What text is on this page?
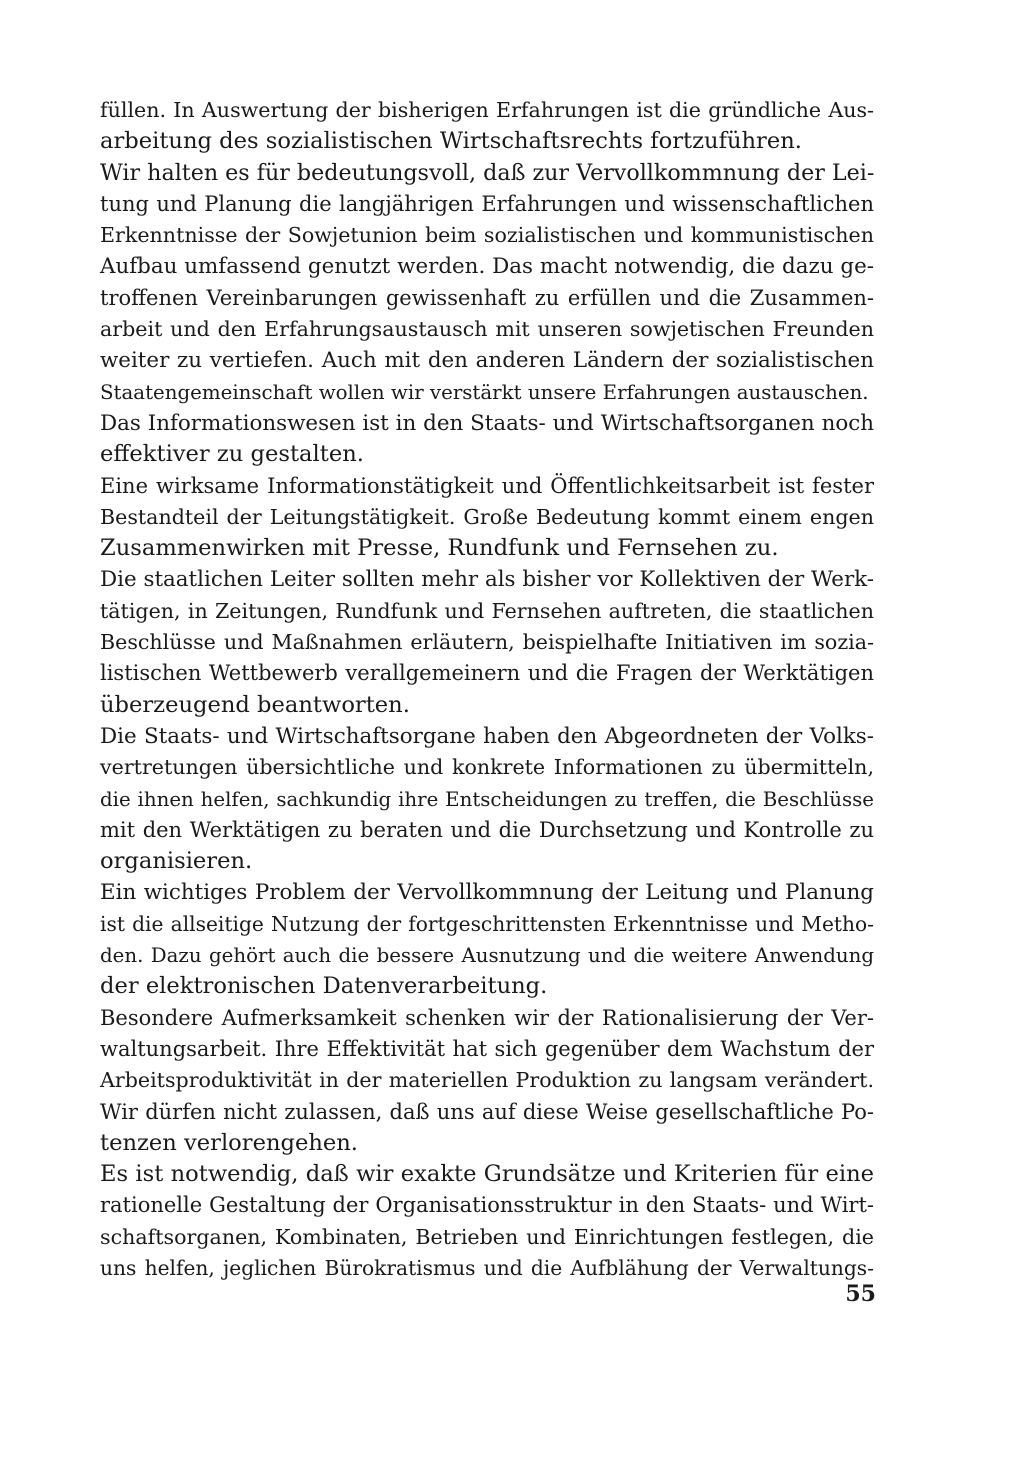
füllen. In Auswertung der bisherigen Erfahrungen ist die gründliche Aus-
arbeitung des sozialistischen Wirtschaftsrechts fortzuführen.
Wir halten es für bedeutungsvoll, daß zur Vervollkommnung der Lei-
tung und Planung die langjährigen Erfahrungen und wissenschaftlichen
Erkenntnisse der Sowjetunion beim sozialistischen und kommunistischen
Aufbau umfassend genutzt werden. Das macht notwendig, die dazu ge-
troffenen Vereinbarungen gewissenhaft zu erfüllen und die Zusammen-
arbeit und den Erfahrungsaustausch mit unseren sowjetischen Freunden
weiter zu vertiefen. Auch mit den anderen Ländern der sozialistischen
Staatengemeinschaft wollen wir verstärkt unsere Erfahrungen austauschen.
Das Informationswesen ist in den Staats- und Wirtschaftsorganen noch
effektiver zu gestalten.
Eine wirksame Informationstätigkeit und Öffentlichkeitsarbeit ist fester
Bestandteil der Leitungstätigkeit. Große Bedeutung kommt einem engen
Zusammenwirken mit Presse, Rundfunk und Fernsehen zu.
Die staatlichen Leiter sollten mehr als bisher vor Kollektiven der Werk-
tätigen, in Zeitungen, Rundfunk und Fernsehen auftreten, die staatlichen
Beschlüsse und Maßnahmen erläutern, beispielhafte Initiativen im sozia-
listischen Wettbewerb verallgemeinern und die Fragen der Werktätigen
überzeugend beantworten.
Die Staats- und Wirtschaftsorgane haben den Abgeordneten der Volks-
vertretungen übersichtliche und konkrete Informationen zu übermitteln,
die ihnen helfen, sachkundig ihre Entscheidungen zu treffen, die Beschlüsse
mit den Werktätigen zu beraten und die Durchsetzung und Kontrolle zu
organisieren.
Ein wichtiges Problem der Vervollkommnung der Leitung und Planung
ist die allseitige Nutzung der fortgeschrittensten Erkenntnisse und Metho-
den. Dazu gehört auch die bessere Ausnutzung und die weitere Anwendung
der elektronischen Datenverarbeitung.
Besondere Aufmerksamkeit schenken wir der Rationalisierung der Ver-
waltungsarbeit. Ihre Effektivität hat sich gegenüber dem Wachstum der
Arbeitsproduktivität in der materiellen Produktion zu langsam verändert.
Wir dürfen nicht zulassen, daß uns auf diese Weise gesellschaftliche Po-
tenzen verlorengehen.
Es ist notwendig, daß wir exakte Grundsätze und Kriterien für eine
rationelle Gestaltung der Organisationsstruktur in den Staats- und Wirt-
schaftsorganen, Kombinaten, Betrieben und Einrichtungen festlegen, die
uns helfen, jeglichen Bürokratismus und die Aufblähung der Verwaltungs-
55
